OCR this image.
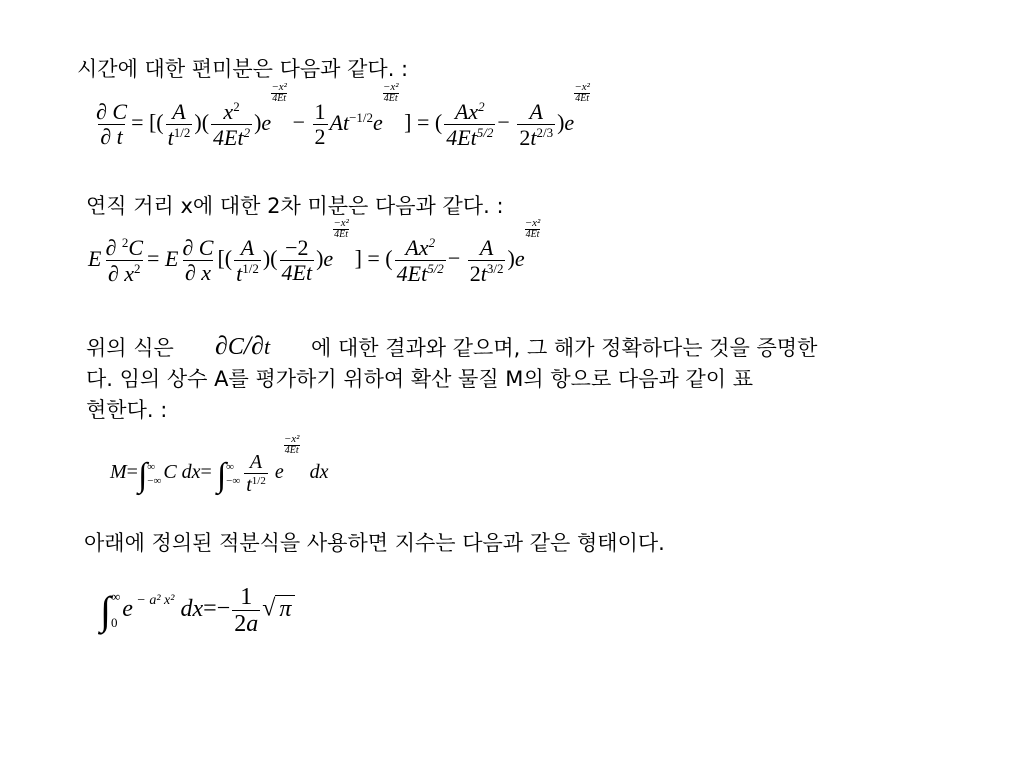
시간에 대한 편미분은 다음과 같다. :
$\frac{\partial C}{\partial t}$ = [( $\frac{A}{t^{1/2}}$ )( $\frac{x^2}{4Et^2} )e$
$\frac{\text{−x²}}{4Et}$
− $\frac{1}{2} At^{-1/2}e$
$\frac{\text{−x²}}{4Et}$
] = ( $\frac{Ax^2}{4Et^{5/2}} - \frac{A}{2t^{2/3}} )e$
$\frac{\text{−x²}}{4Et}$
연직 거리 x에 대한 2차 미분은 다음과 같다. :
E $\frac{\partial ^2C}{\partial x^2} = E \frac{\partial C}{\partial x}$ [( $\frac{A}{t^{1/2}}$ )( $\frac{-2}{4Et} )e$
$\frac{\text{−x²}}{4Et}$
] = ( $\frac{Ax^2}{4Et^{5/2}} - \frac{A}{2t^{3/2}} )e$
$\frac{\text{−x²}}{4Et}$
위의 식은 ∂C/∂t 에 대한 결과와 같으며, 그 해가 정확하다는 것을 증명한
다. 임의 상수 A를 평가하기 위하여 확산 물질 M의 항으로 다음과 같이 표
현한다. :
M=∫ ∞
−∞ C dx= ∫ ∞
−∞ $\frac{A}{t^{1/2}}$ e
$\frac{\text{−x²}}{4Et}$
dx
아래에 정의된 적분식을 사용하면 지수는 다음과 같은 형태이다.
∫ ∞
0
e $^{- a^2 x^2}$ $dx=- \frac{1}{2a}$ √ π
